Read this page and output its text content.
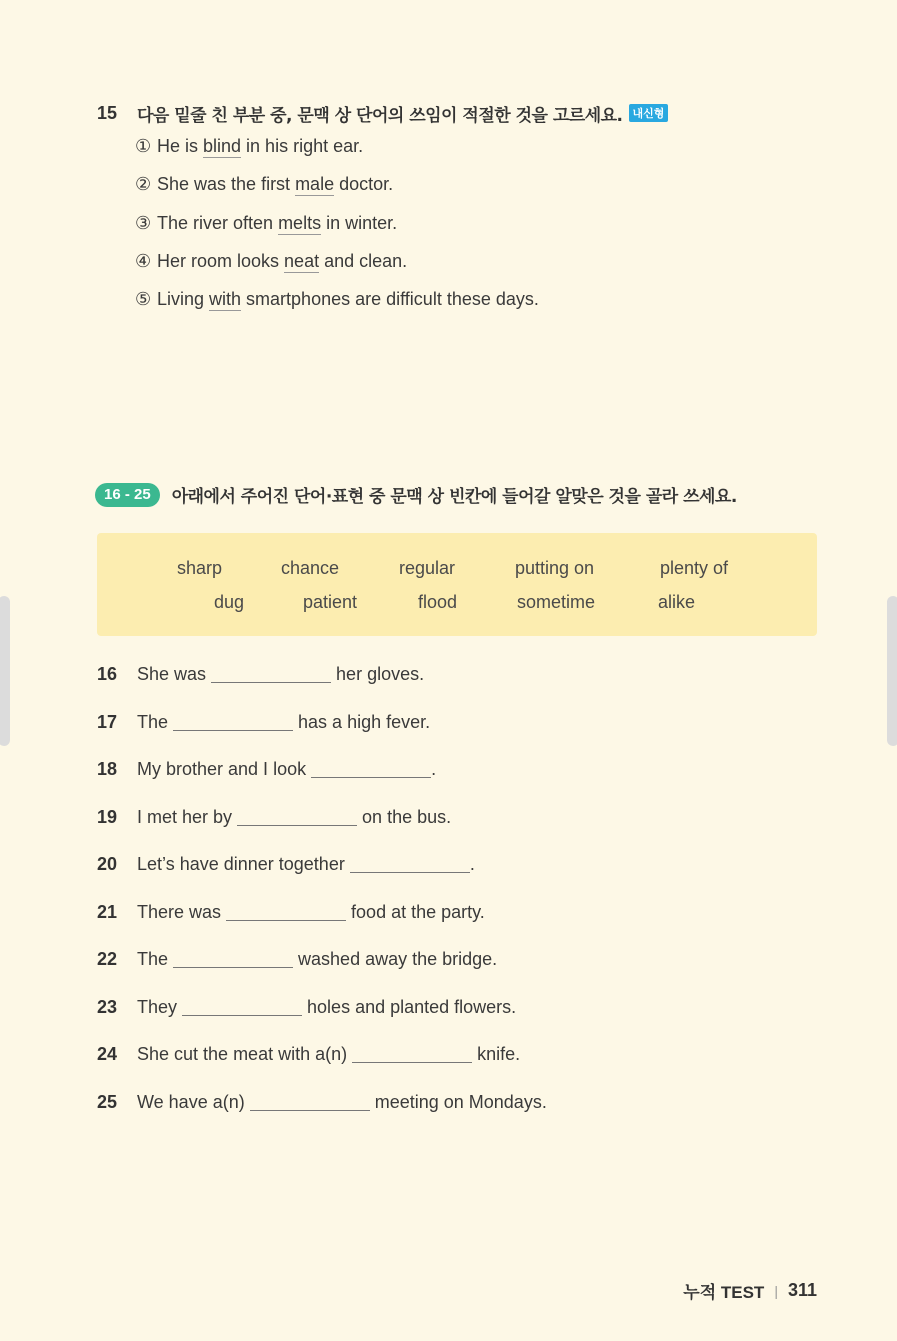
15	다음 밑줄 친 부분 중, 문맥 상 단어의 쓰임이 적절한 것을 고르세요. 내신형
① He is blind in his right ear.
② She was the first male doctor.
③ The river often melts in winter.
④ Her room looks neat and clean.
⑤ Living with smartphones are difficult these days.
16 - 25	아래에서 주어진 단어·표현 중 문맥 상 빈칸에 들어갈 알맞은 것을 골라 쓰세요.
sharp	chance	regular	putting on	plenty of
dug	patient	flood	sometime	alike
16	She was	her gloves.
17	The	has a high fever.
18	My brother and I look	.
19	I met her by	on the bus.
20	Let’s have dinner together	.
21	There was	food at the party.
22	The	washed away the bridge.
23	They	holes and planted flowers.
24	She cut the meat with a(n)	knife.
25	We have a(n)	meeting on Mondays.
누적 TEST | 311
